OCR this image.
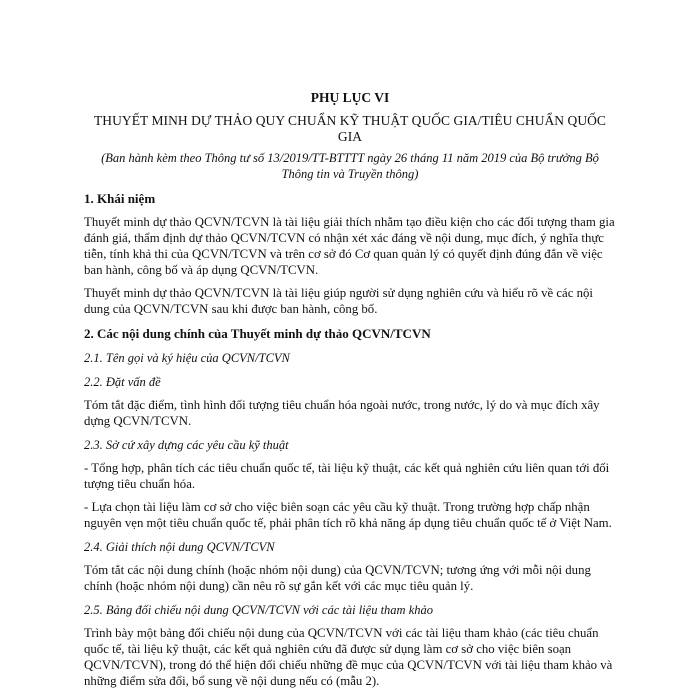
PHỤ LỤC VI

THUYẾT MINH DỰ THẢO QUY CHUẨN KỸ THUẬT QUỐC GIA/TIÊU CHUẨN QUỐC GIA

(Ban hành kèm theo Thông tư số 13/2019/TT-BTTTT ngày 26 tháng 11 năm 2019 của Bộ trưởng Bộ Thông tin và Truyền thông)

1. Khái niệm

Thuyết minh dự thảo QCVN/TCVN là tài liệu giải thích nhằm tạo điều kiện cho các đối tượng tham gia đánh giá, thẩm định dự thảo QCVN/TCVN có nhận xét xác đáng về nội dung, mục đích, ý nghĩa thực tiễn, tính khả thi của QCVN/TCVN và trên cơ sở đó Cơ quan quản lý có quyết định đúng đắn về việc ban hành, công bố và áp dụng QCVN/TCVN.

Thuyết minh dự thảo QCVN/TCVN là tài liệu giúp người sử dụng nghiên cứu và hiểu rõ về các nội dung của QCVN/TCVN sau khi được ban hành, công bố.

2. Các nội dung chính của Thuyết minh dự thảo QCVN/TCVN

2.1. Tên gọi và ký hiệu của QCVN/TCVN

2.2. Đặt vấn đề

Tóm tắt đặc điểm, tình hình đối tượng tiêu chuẩn hóa ngoài nước, trong nước, lý do và mục đích xây dựng QCVN/TCVN.

2.3. Sở cứ xây dựng các yêu cầu kỹ thuật

- Tổng hợp, phân tích các tiêu chuẩn quốc tế, tài liệu kỹ thuật, các kết quả nghiên cứu liên quan tới đối tượng tiêu chuẩn hóa.

- Lựa chọn tài liệu làm cơ sở cho việc biên soạn các yêu cầu kỹ thuật. Trong trường hợp chấp nhận nguyên vẹn một tiêu chuẩn quốc tế, phải phân tích rõ khả năng áp dụng tiêu chuẩn quốc tế ở Việt Nam.

2.4. Giải thích nội dung QCVN/TCVN

Tóm tắt các nội dung chính (hoặc nhóm nội dung) của QCVN/TCVN; tương ứng với mỗi nội dung chính (hoặc nhóm nội dung) cần nêu rõ sự gắn kết với các mục tiêu quản lý.

2.5. Bảng đối chiếu nội dung QCVN/TCVN với các tài liệu tham khảo

Trình bày một bảng đối chiếu nội dung của QCVN/TCVN với các tài liệu tham khảo (các tiêu chuẩn quốc tế, tài liệu kỹ thuật, các kết quả nghiên cứu đã được sử dụng làm cơ sở cho việc biên soạn QCVN/TCVN), trong đó thể hiện đối chiếu những đề mục của QCVN/TCVN với tài liệu tham khảo và những điểm sửa đổi, bổ sung về nội dung nếu có (mẫu 2).
